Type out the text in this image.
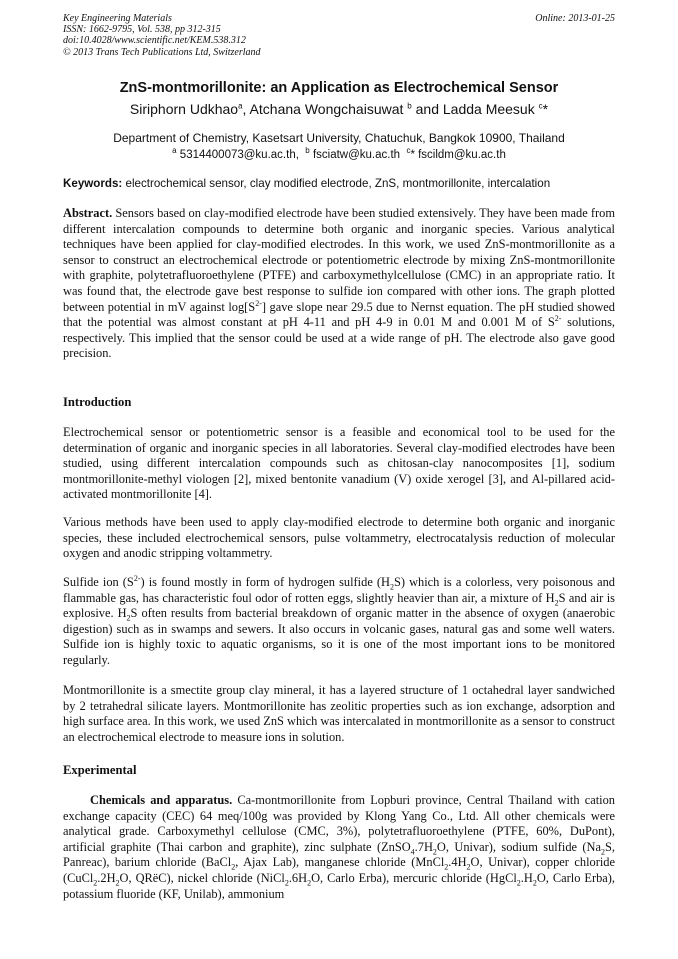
Key Engineering Materials
ISSN: 1662-9795, Vol. 538, pp 312-315
doi:10.4028/www.scientific.net/KEM.538.312
© 2013 Trans Tech Publications Ltd, Switzerland
Online: 2013-01-25
ZnS-montmorillonite: an Application as Electrochemical Sensor
Siriphorn Udkhao$^a$, Atchana Wongchaisuwat $^b$ and Ladda Meesuk $^c$*
Department of Chemistry, Kasetsart University, Chatuchuk, Bangkok 10900, Thailand
$^a$ 5314400073@ku.ac.th, $^b$ fsciatw@ku.ac.th $^c$* fscildm@ku.ac.th
Keywords: electrochemical sensor, clay modified electrode, ZnS, montmorillonite, intercalation
Abstract. Sensors based on clay-modified electrode have been studied extensively. They have been made from different intercalation compounds to determine both organic and inorganic species. Various analytical techniques have been applied for clay-modified electrodes. In this work, we used ZnS-montmorillonite as a sensor to construct an electrochemical electrode or potentiometric electrode by mixing ZnS-montmorillonite with graphite, polytetrafluoroethylene (PTFE) and carboxymethylcellulose (CMC) in an appropriate ratio. It was found that, the electrode gave best response to sulfide ion compared with other ions. The graph plotted between potential in mV against $\log[S^{2-}]$ gave slope near 29.5 due to Nernst equation. The pH studied showed that the potential was almost constant at pH 4-11 and pH 4-9 in 0.01 M and 0.001 M of $S^{2-}$ solutions, respectively. This implied that the sensor could be used at a wide range of pH. The electrode also gave good precision.
Introduction
Electrochemical sensor or potentiometric sensor is a feasible and economical tool to be used for the determination of organic and inorganic species in all laboratories. Several clay-modified electrodes have been studied, using different intercalation compounds such as chitosan-clay nanocomposites [1], sodium montmorillonite-methyl viologen [2], mixed bentonite vanadium (V) oxide xerogel [3], and Al-pillared acid-activated montmorillonite [4].
Various methods have been used to apply clay-modified electrode to determine both organic and inorganic species, these included electrochemical sensors, pulse voltammetry, electrocatalysis reduction of molecular oxygen and anodic stripping voltammetry.
Sulfide ion $(S^{2-})$ is found mostly in form of hydrogen sulfide $(H_2S)$ which is a colorless, very poisonous and flammable gas, has characteristic foul odor of rotten eggs, slightly heavier than air, a mixture of $H_2S$ and air is explosive. $H_2S$ often results from bacterial breakdown of organic matter in the absence of oxygen (anaerobic digestion) such as in swamps and sewers. It also occurs in volcanic gases, natural gas and some well waters. Sulfide ion is highly toxic to aquatic organisms, so it is one of the most important ions to be monitored regularly.
Montmorillonite is a smectite group clay mineral, it has a layered structure of 1 octahedral layer sandwiched by 2 tetrahedral silicate layers. Montmorillonite has zeolitic properties such as ion exchange, adsorption and high surface area. In this work, we used ZnS which was intercalated in montmorillonite as a sensor to construct an electrochemical electrode to measure ions in solution.
Experimental
Chemicals and apparatus. Ca-montmorillonite from Lopburi province, Central Thailand with cation exchange capacity (CEC) 64 meq/100g was provided by Klong Yang Co., Ltd. All other chemicals were analytical grade. Carboxymethyl cellulose (CMC, 3%), polytetrafluoroethylene (PTFE, 60%, DuPont), artificial graphite (Thai carbon and graphite), zinc sulphate ($ZnSO_4.7H_2O$, Univar), sodium sulfide ($Na_2S$, Panreac), barium chloride (BaCl$_2$, Ajax Lab), manganese chloride ($MnCl_2.4H_2O$, Univar), copper chloride ($CuCl_2.2H_2O$, QRëC), nickel chloride ($NiCl_2.6H_2O$, Carlo Erba), mercuric chloride ($HgCl_2.H_2O$, Carlo Erba), potassium fluoride (KF, Unilab), ammonium
